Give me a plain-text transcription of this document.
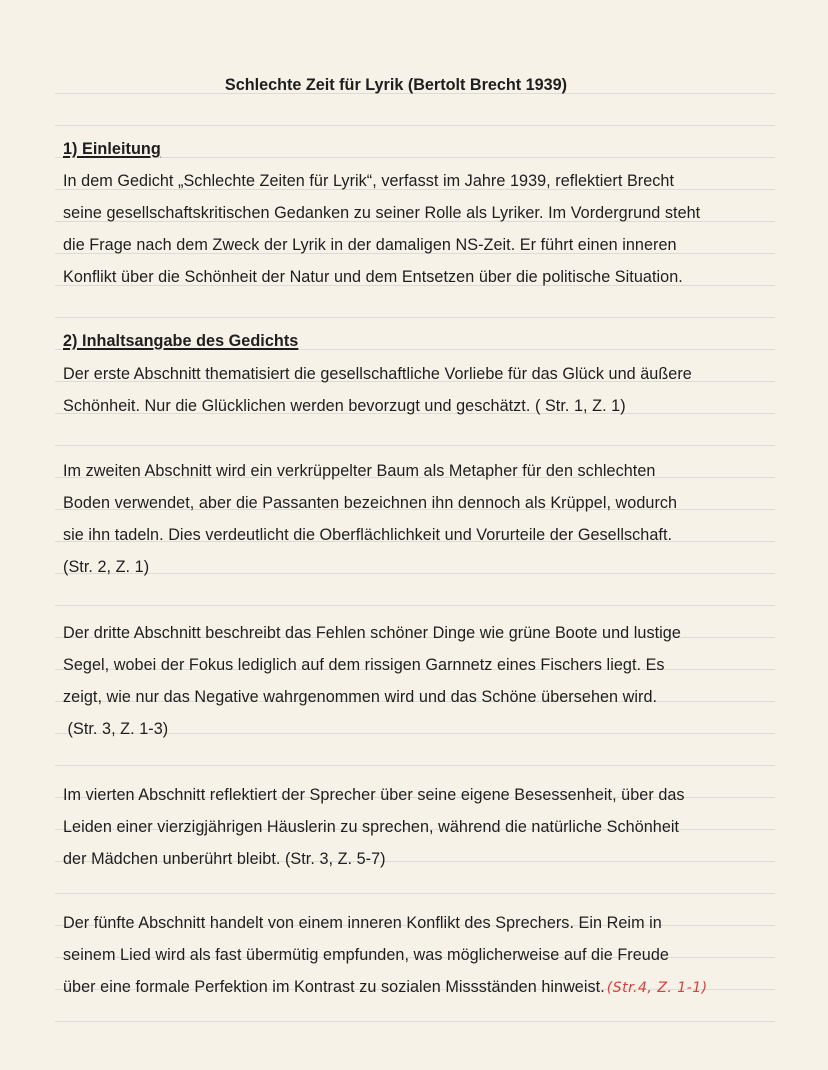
Schlechte Zeit für Lyrik (Bertolt Brecht 1939)
1) Einleitung
In dem Gedicht „Schlechte Zeiten für Lyrik“, verfasst im Jahre 1939, reflektiert Brecht
seine gesellschaftskritischen Gedanken zu seiner Rolle als Lyriker. Im Vordergrund steht
die Frage nach dem Zweck der Lyrik in der damaligen NS-Zeit. Er führt einen inneren
Konflikt über die Schönheit der Natur und dem Entsetzen über die politische Situation.
2) Inhaltsangabe des Gedichts
Der erste Abschnitt thematisiert die gesellschaftliche Vorliebe für das Glück und äußere
Schönheit. Nur die Glücklichen werden bevorzugt und geschätzt. ( Str. 1, Z. 1)
Im zweiten Abschnitt wird ein verkrüppelter Baum als Metapher für den schlechten
Boden verwendet, aber die Passanten bezeichnen ihn dennoch als Krüppel, wodurch
sie ihn tadeln. Dies verdeutlicht die Oberflächlichkeit und Vorurteile der Gesellschaft.
(Str. 2, Z. 1)
Der dritte Abschnitt beschreibt das Fehlen schöner Dinge wie grüne Boote und lustige
Segel, wobei der Fokus lediglich auf dem rissigen Garnnetz eines Fischers liegt. Es
zeigt, wie nur das Negative wahrgenommen wird und das Schöne übersehen wird.
(Str. 3, Z. 1-3)
Im vierten Abschnitt reflektiert der Sprecher über seine eigene Besessenheit, über das
Leiden einer vierzigjährigen Häuslerin zu sprechen, während die natürliche Schönheit
der Mädchen unberührt bleibt. (Str. 3, Z. 5-7)
Der fünfte Abschnitt handelt von einem inneren Konflikt des Sprechers. Ein Reim in
seinem Lied wird als fast übermütig empfunden, was möglicherweise auf die Freude
über eine formale Perfektion im Kontrast zu sozialen Missständen hinweist. (Str.4, Z. 1-1)
